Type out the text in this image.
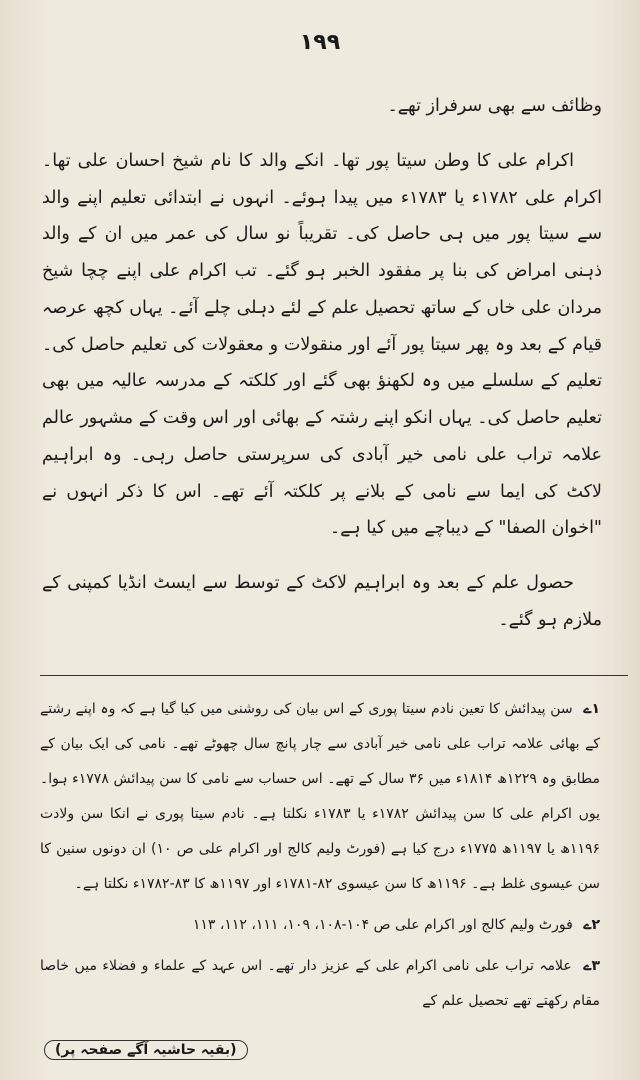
۱۹۹

وظائف سے بھی سرفراز تھے۔

اکرام علی کا وطن سیتا پور تھا۔ انکے والد کا نام شیخ احسان علی تھا۔ اکرام علی ۱۷۸۲ء یا ۱۷۸۳ء میں پیدا ہوئے۔ انہوں نے ابتدائی تعلیم اپنے والد سے سیتا پور میں ہی حاصل کی۔ تقریباً نو سال کی عمر میں ان کے والد ذہنی امراض کی بنا پر مفقود الخبر ہو گئے۔ تب اکرام علی اپنے چچا شیخ مردان علی خاں کے ساتھ تحصیل علم کے لئے دہلی چلے آئے۔ یہاں کچھ عرصہ قیام کے بعد وہ پھر سیتا پور آئے اور منقولات و معقولات کی تعلیم حاصل کی۔ تعلیم کے سلسلے میں وہ لکھنؤ بھی گئے اور کلکتہ کے مدرسہ عالیہ میں بھی تعلیم حاصل کی۔ یہاں انکو اپنے رشتہ کے بھائی اور اس وقت کے مشہور عالم علامہ تراب علی نامی خیر آبادی کی سرپرستی حاصل رہی۔ وہ ابراہیم لاکٹ کی ایما سے نامی کے بلانے پر کلکتہ آئے تھے۔ اس کا ذکر انہوں نے "اخوان الصفا" کے دیباچے میں کیا ہے۔

حصول علم کے بعد وہ ابراہیم لاکٹ کے توسط سے ایسٹ انڈیا کمپنی کے ملازم ہو گئے۔

۱ے سن پیدائش کا تعین نادم سیتا پوری کے اس بیان کی روشنی میں کیا گیا ہے کہ وہ اپنے رشتے کے بھائی علامہ تراب علی نامی خیر آبادی سے چار پانچ سال چھوٹے تھے۔ نامی کی ایک بیان کے مطابق وہ ۱۲۲۹ھ ۱۸۱۴ء میں ۳۶ سال کے تھے۔ اس حساب سے نامی کا سن پیدائش ۱۷۷۸ء ہوا۔ یوں اکرام علی کا سن پیدائش ۱۷۸۲ء یا ۱۷۸۳ء نکلتا ہے۔ نادم سیتا پوری نے انکا سن ولادت ۱۱۹۶ھ یا ۱۱۹۷ھ ۱۷۷۵ء درج کیا ہے (فورٹ ولیم کالج اور اکرام علی ص ۱۰) ان دونوں سنین کا سن عیسوی غلط ہے۔ ۱۱۹۶ھ کا سن عیسوی ۸۲-۱۷۸۱ء اور ۱۱۹۷ھ کا ۸۳-۱۷۸۲ء نکلتا ہے۔

۲ے فورٹ ولیم کالج اور اکرام علی ص ۱۰۴-۱۰۸، ۱۰۹، ۱۱۱، ۱۱۲، ۱۱۳

۳ے علامہ تراب علی نامی اکرام علی کے عزیز دار تھے۔ اس عہد کے علماء و فضلاء میں خاصا مقام رکھتے تھے تحصیل علم کے

(بقیہ حاشیہ آگے صفحہ پر)
